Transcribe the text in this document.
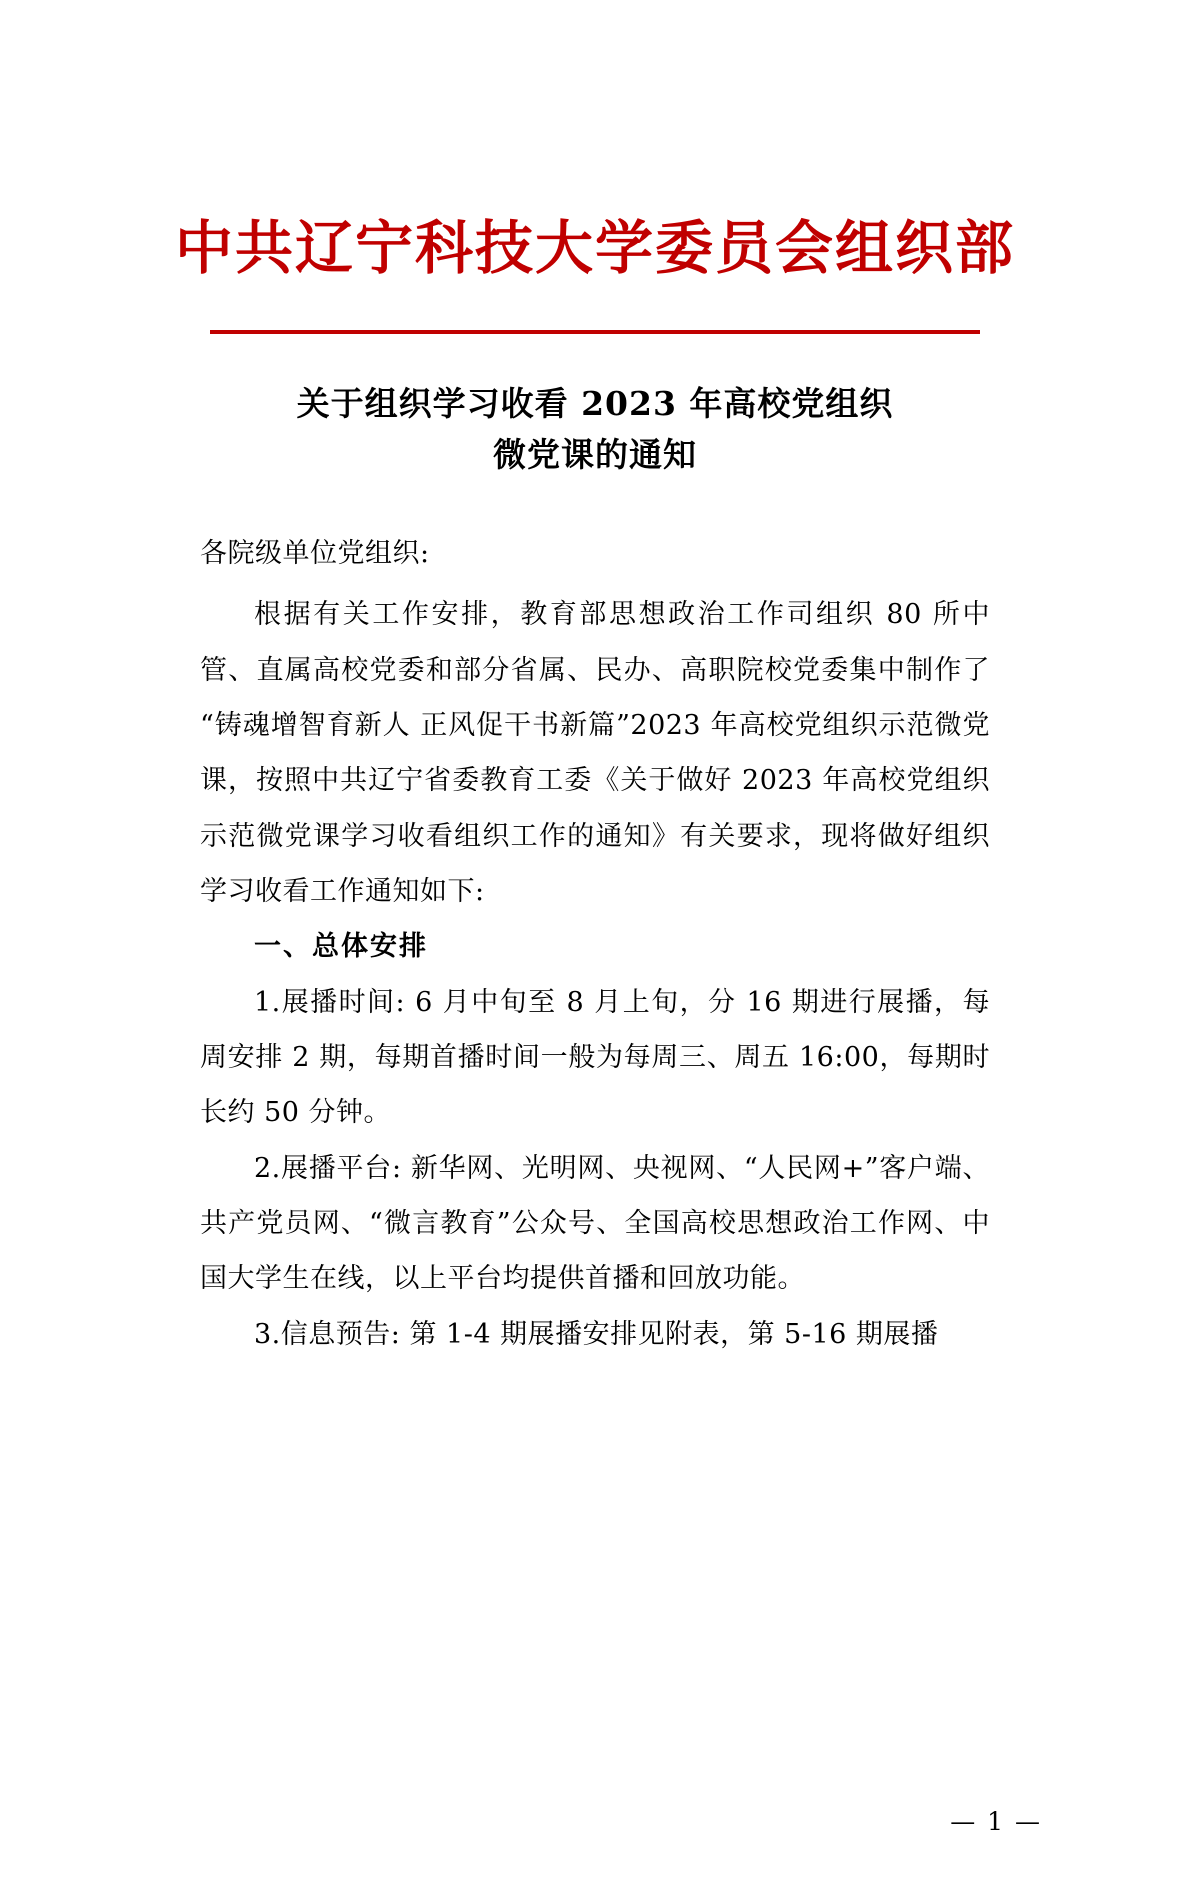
中共辽宁科技大学委员会组织部
关于组织学习收看 2023 年高校党组织
微党课的通知

各院级单位党组织:

根据有关工作安排，教育部思想政治工作司组织 80 所中管、直属高校党委和部分省属、民办、高职院校党委集中制作了“铸魂增智育新人 正风促干书新篇”2023 年高校党组织示范微党课，按照中共辽宁省委教育工委《关于做好 2023 年高校党组织示范微党课学习收看组织工作的通知》有关要求，现将做好组织学习收看工作通知如下:

一、总体安排

1.展播时间: 6 月中旬至 8 月上旬，分 16 期进行展播，每周安排 2 期，每期首播时间一般为每周三、周五 16:00，每期时长约 50 分钟。

2.展播平台: 新华网、光明网、央视网、“人民网+”客户端、共产党员网、“微言教育”公众号、全国高校思想政治工作网、中国大学生在线，以上平台均提供首播和回放功能。

3.信息预告: 第 1-4 期展播安排见附表，第 5-16 期展播

— 1 —
